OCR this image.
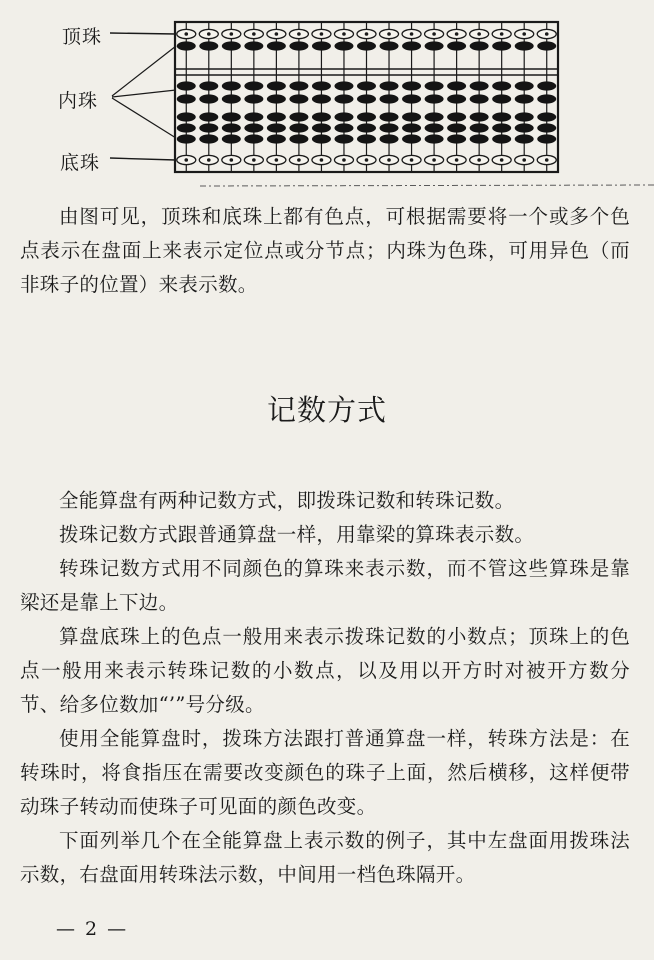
顶珠
内珠
底珠

由图可见，顶珠和底珠上都有色点，可根据需要将一个或多个色点表示在盘面上来表示定位点或分节点；内珠为色珠，可用异色（而非珠子的位置）来表示数。

记数方式

全能算盘有两种记数方式，即拨珠记数和转珠记数。

拨珠记数方式跟普通算盘一样，用靠梁的算珠表示数。

转珠记数方式用不同颜色的算珠来表示数，而不管这些算珠是靠梁还是靠上下边。

算盘底珠上的色点一般用来表示拨珠记数的小数点；顶珠上的色点一般用来表示转珠记数的小数点，以及用以开方时对被开方数分节、给多位数加“’”号分级。

使用全能算盘时，拨珠方法跟打普通算盘一样，转珠方法是：在转珠时，将食指压在需要改变颜色的珠子上面，然后横移，这样便带动珠子转动而使珠子可见面的颜色改变。

下面列举几个在全能算盘上表示数的例子，其中左盘面用拨珠法示数，右盘面用转珠法示数，中间用一档色珠隔开。

— 2 —
